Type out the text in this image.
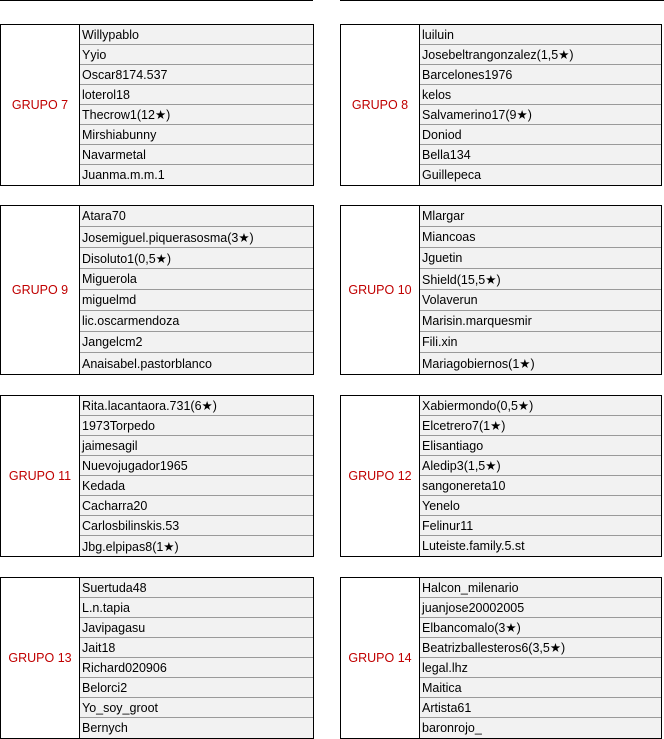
GRUPO 7
Willypablo
Yyio
Oscar8174.537
loterol18
Thecrow1(12★)
Mirshiabunny
Navarmetal
Juanma.m.m.1
GRUPO 8
luiluin
Josebeltrangonzalez(1,5★)
Barcelones1976
kelos
Salvamerino17(9★)
Doniod
Bella134
Guillepeca
GRUPO 9
Atara70
Josemiguel.piquerasosma(3★)
Disoluto1(0,5★)
Miguerola
miguelmd
lic.oscarmendoza
Jangelcm2
Anaisabel.pastorblanco
GRUPO 10
Mlargar
Miancoas
Jguetin
Shield(15,5★)
Volaverun
Marisin.marquesmir
Fili.xin
Mariagobiernos(1★)
GRUPO 11
Rita.lacantaora.731(6★)
1973Torpedo
jaimesagil
Nuevojugador1965
Kedada
Cacharra20
Carlosbilinskis.53
Jbg.elpipas8(1★)
GRUPO 12
Xabiermondo(0,5★)
Elcetrero7(1★)
Elisantiago
Aledip3(1,5★)
sangonereta10
Yenelo
Felinur11
Luteiste.family.5.st
GRUPO 13
Suertuda48
L.n.tapia
Javipagasu
Jait18
Richard020906
Belorci2
Yo_soy_groot
Bernych
GRUPO 14
Halcon_milenario
juanjose20002005
Elbancomalo(3★)
Beatrizballesteros6(3,5★)
legal.lhz
Maitica
Artista61
baronrojo_
